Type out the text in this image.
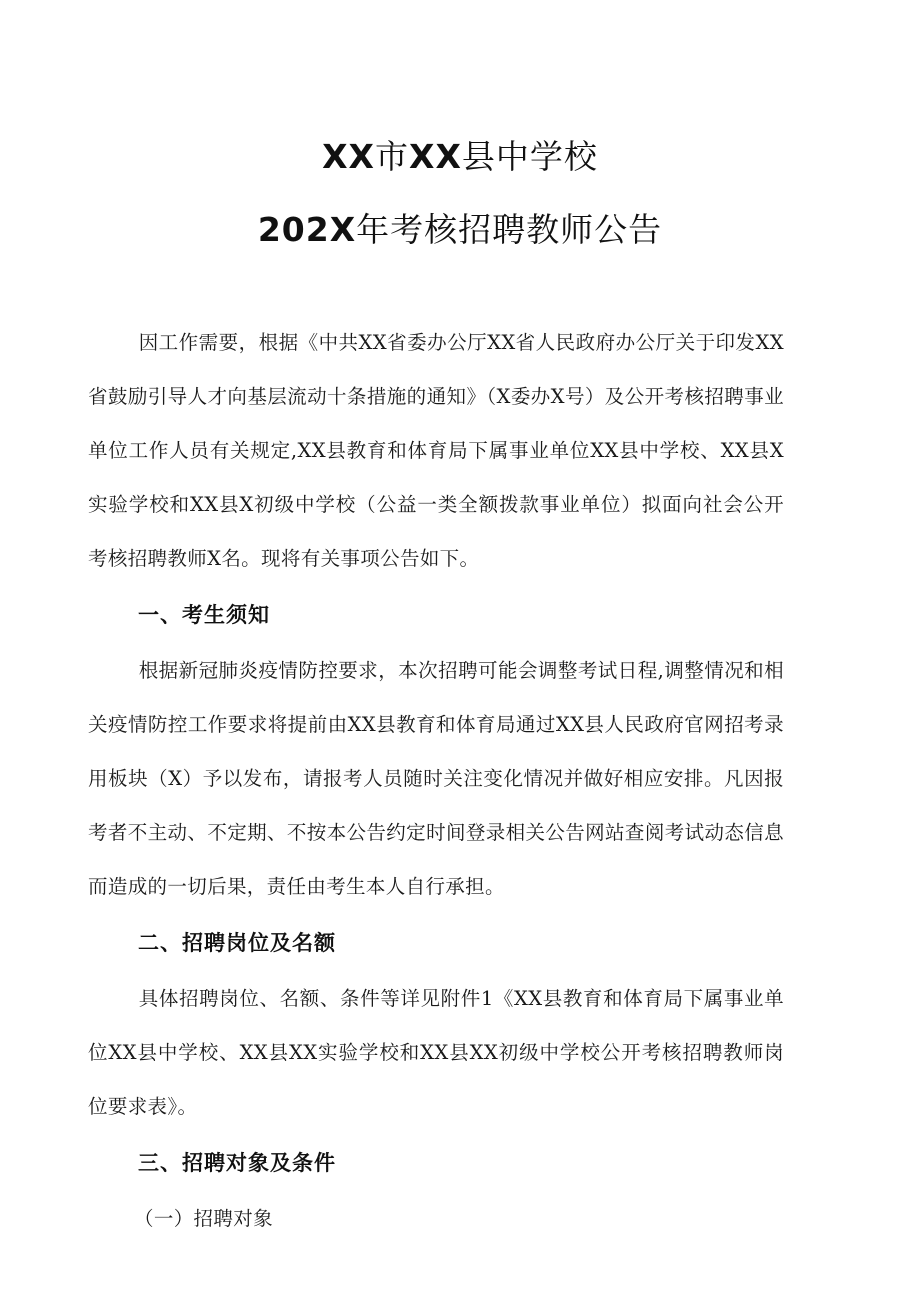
XX市XX县中学校
202X年考核招聘教师公告

因工作需要，根据《中共XX省委办公厅XX省人民政府办公厅关于印发XX省鼓励引导人才向基层流动十条措施的通知》（X委办X号）及公开考核招聘事业单位工作人员有关规定,XX县教育和体育局下属事业单位XX县中学校、XX县X实验学校和XX县X初级中学校（公益一类全额拨款事业单位）拟面向社会公开考核招聘教师X名。现将有关事项公告如下。

一、考生须知

根据新冠肺炎疫情防控要求，本次招聘可能会调整考试日程,调整情况和相关疫情防控工作要求将提前由XX县教育和体育局通过XX县人民政府官网招考录用板块（X）予以发布，请报考人员随时关注变化情况并做好相应安排。凡因报考者不主动、不定期、不按本公告约定时间登录相关公告网站查阅考试动态信息而造成的一切后果，责任由考生本人自行承担。

二、招聘岗位及名额

具体招聘岗位、名额、条件等详见附件1《XX县教育和体育局下属事业单位XX县中学校、XX县XX实验学校和XX县XX初级中学校公开考核招聘教师岗位要求表》。

三、招聘对象及条件

（一）招聘对象
